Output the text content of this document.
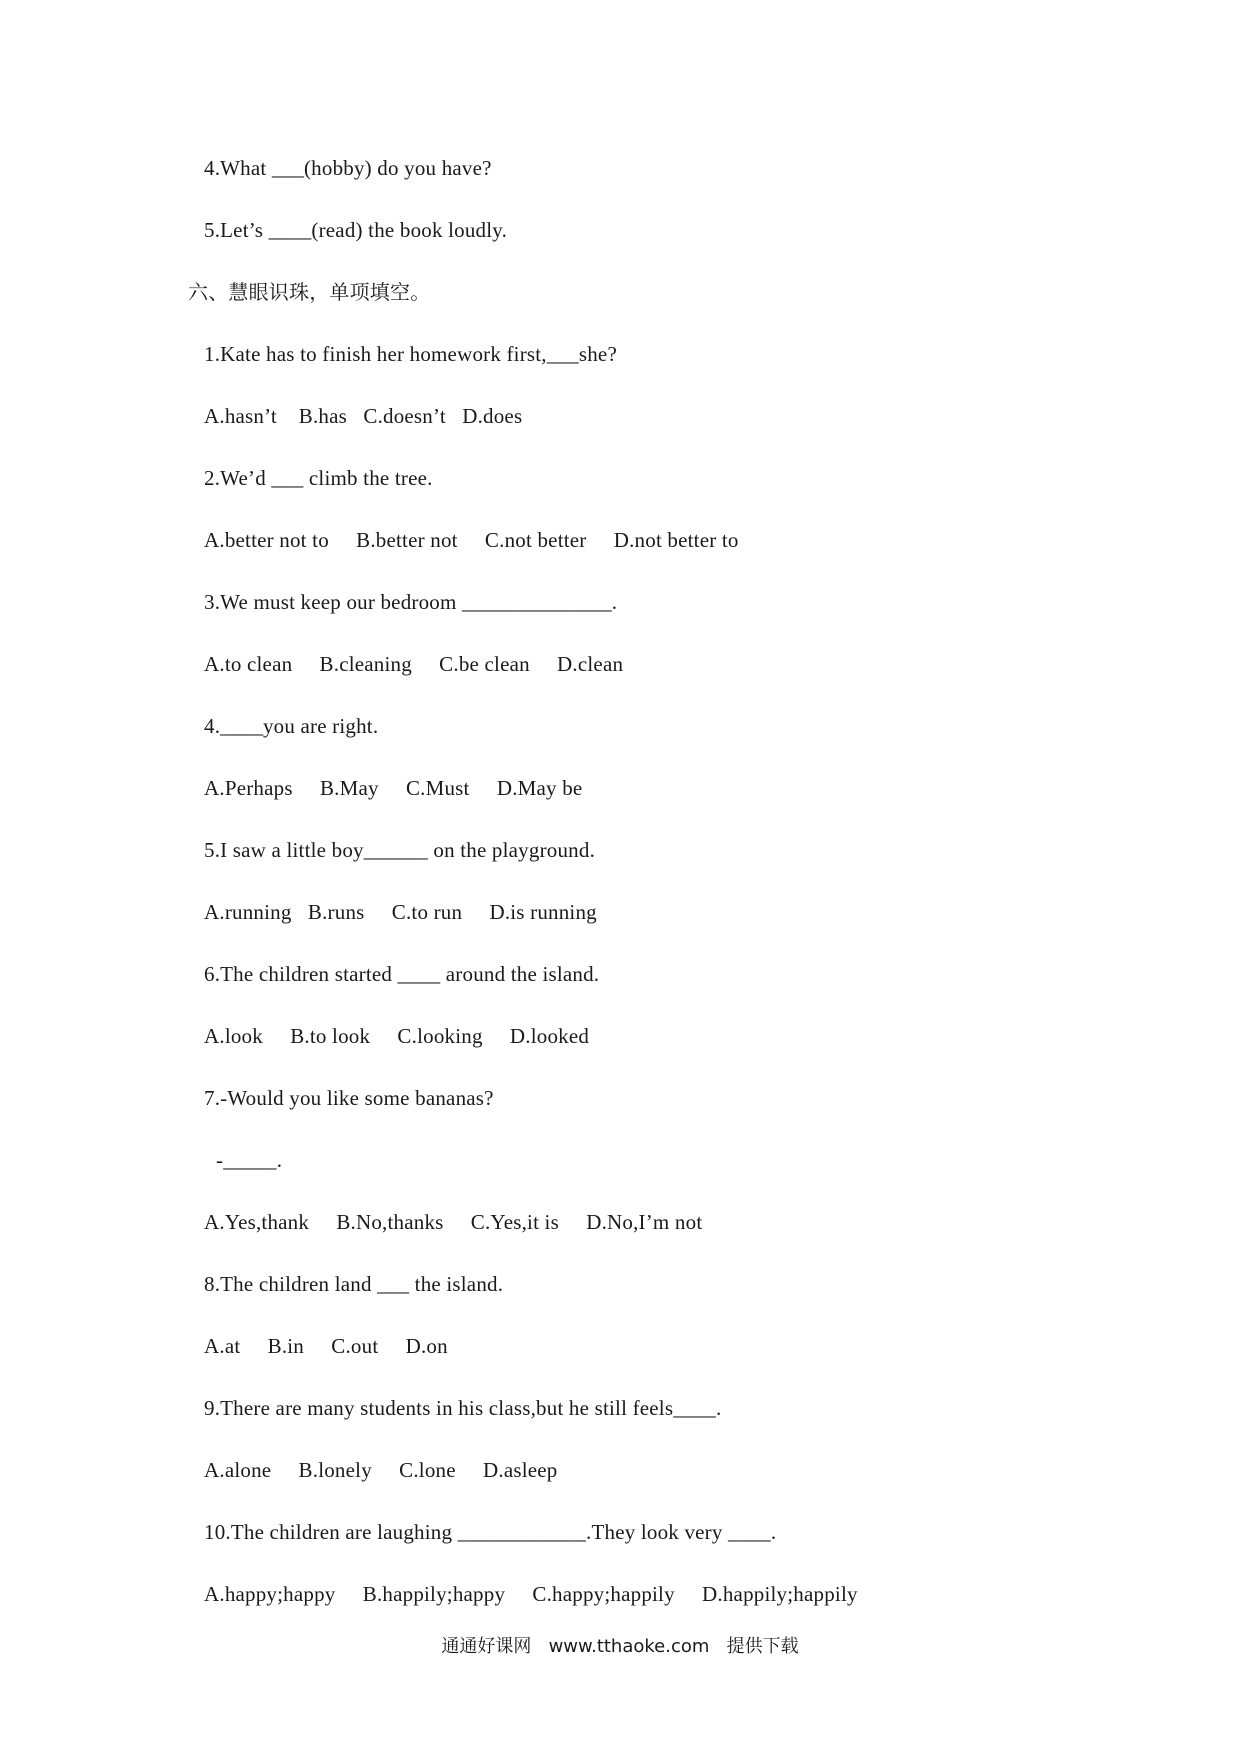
4.What ___(hobby) do you have?
5.Let’s ____(read) the book loudly.
六、慧眼识珠，单项填空。
1.Kate has to finish her homework first,___she?
A.hasn’t    B.has   C.doesn’t   D.does
2.We’d ___ climb the tree.
A.better not to     B.better not     C.not better     D.not better to
3.We must keep our bedroom ______________.
A.to clean     B.cleaning     C.be clean     D.clean
4.____you are right.
A.Perhaps     B.May     C.Must     D.May be
5.I saw a little boy______ on the playground.
A.running   B.runs     C.to run     D.is running
6.The children started ____ around the island.
A.look     B.to look     C.looking     D.looked
7.-Would you like some bananas?
-_____.
A.Yes,thank     B.No,thanks     C.Yes,it is     D.No,I’m not
8.The children land ___ the island.
A.at     B.in     C.out     D.on
9.There are many students in his class,but he still feels____.
A.alone     B.lonely     C.lone     D.asleep
10.The children are laughing ____________.They look very ____.
A.happy;happy     B.happily;happy     C.happy;happily     D.happily;happily
通通好课网   www.tthaoke.com   提供下载
